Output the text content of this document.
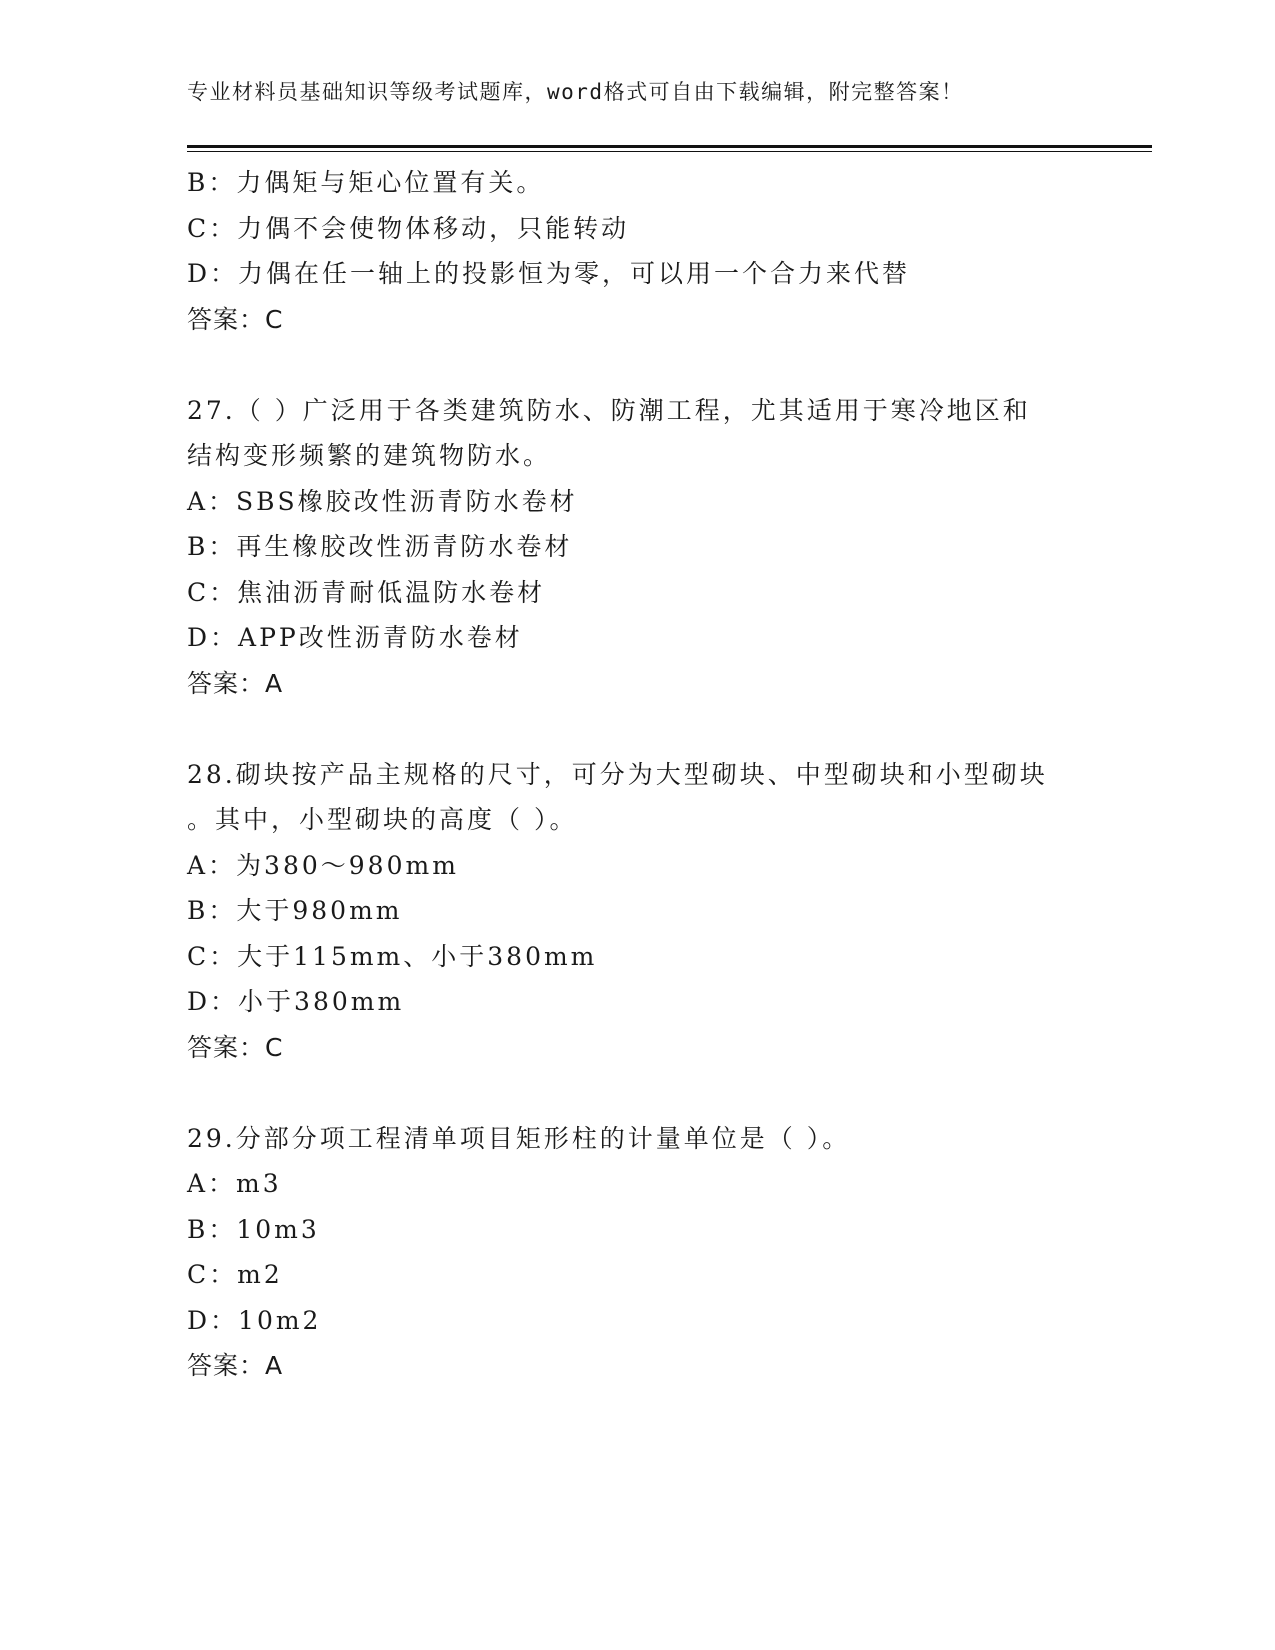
专业材料员基础知识等级考试题库，word格式可自由下载编辑，附完整答案！
B：力偶矩与矩心位置有关。
C：力偶不会使物体移动，只能转动
D：力偶在任一轴上的投影恒为零，可以用一个合力来代替
答案：C
27.（ ）广泛用于各类建筑防水、防潮工程，尤其适用于寒冷地区和
结构变形频繁的建筑物防水。
A：SBS橡胶改性沥青防水卷材
B：再生橡胶改性沥青防水卷材
C：焦油沥青耐低温防水卷材
D：APP改性沥青防水卷材
答案：A
28.砌块按产品主规格的尺寸，可分为大型砌块、中型砌块和小型砌块
。其中，小型砌块的高度（ ）。
A：为380～980mm
B：大于980mm
C：大于115mm、小于380mm
D：小于380mm
答案：C
29.分部分项工程清单项目矩形柱的计量单位是（ ）。
A：m3
B：10m3
C：m2
D：10m2
答案：A
